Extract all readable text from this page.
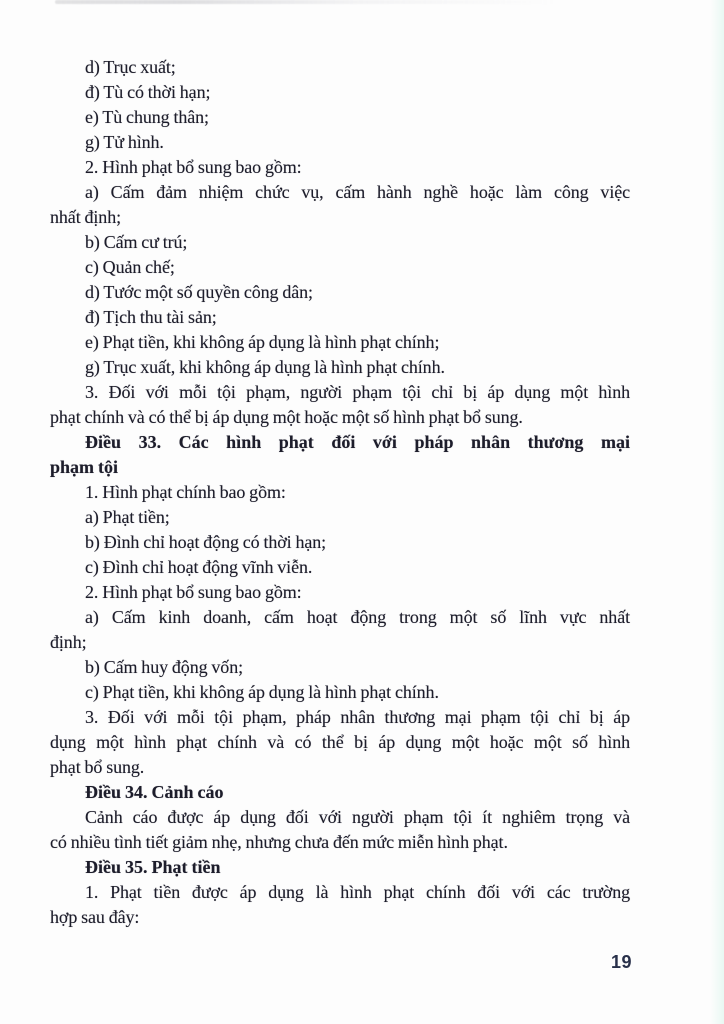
d) Trục xuất;

đ) Tù có thời hạn;

e) Tù chung thân;

g) Tử hình.

2. Hình phạt bổ sung bao gồm:

a) Cấm đảm nhiệm chức vụ, cấm hành nghề hoặc làm công việc

nhất định;

b) Cấm cư trú;

c) Quản chế;

d) Tước một số quyền công dân;

đ) Tịch thu tài sản;

e) Phạt tiền, khi không áp dụng là hình phạt chính;

g) Trục xuất, khi không áp dụng là hình phạt chính.

3. Đối với mỗi tội phạm, người phạm tội chỉ bị áp dụng một hình

phạt chính và có thể bị áp dụng một hoặc một số hình phạt bổ sung.

Điều 33. Các hình phạt đối với pháp nhân thương mại

phạm tội

1. Hình phạt chính bao gồm:

a) Phạt tiền;

b) Đình chỉ hoạt động có thời hạn;

c) Đình chỉ hoạt động vĩnh viễn.

2. Hình phạt bổ sung bao gồm:

a) Cấm kinh doanh, cấm hoạt động trong một số lĩnh vực nhất

định;

b) Cấm huy động vốn;

c) Phạt tiền, khi không áp dụng là hình phạt chính.

3. Đối với mỗi tội phạm, pháp nhân thương mại phạm tội chỉ bị áp

dụng một hình phạt chính và có thể bị áp dụng một hoặc một số hình

phạt bổ sung.

Điều 34. Cảnh cáo

Cảnh cáo được áp dụng đối với người phạm tội ít nghiêm trọng và

có nhiều tình tiết giảm nhẹ, nhưng chưa đến mức miễn hình phạt.

Điều 35. Phạt tiền

1. Phạt tiền được áp dụng là hình phạt chính đối với các trường

hợp sau đây:

19
